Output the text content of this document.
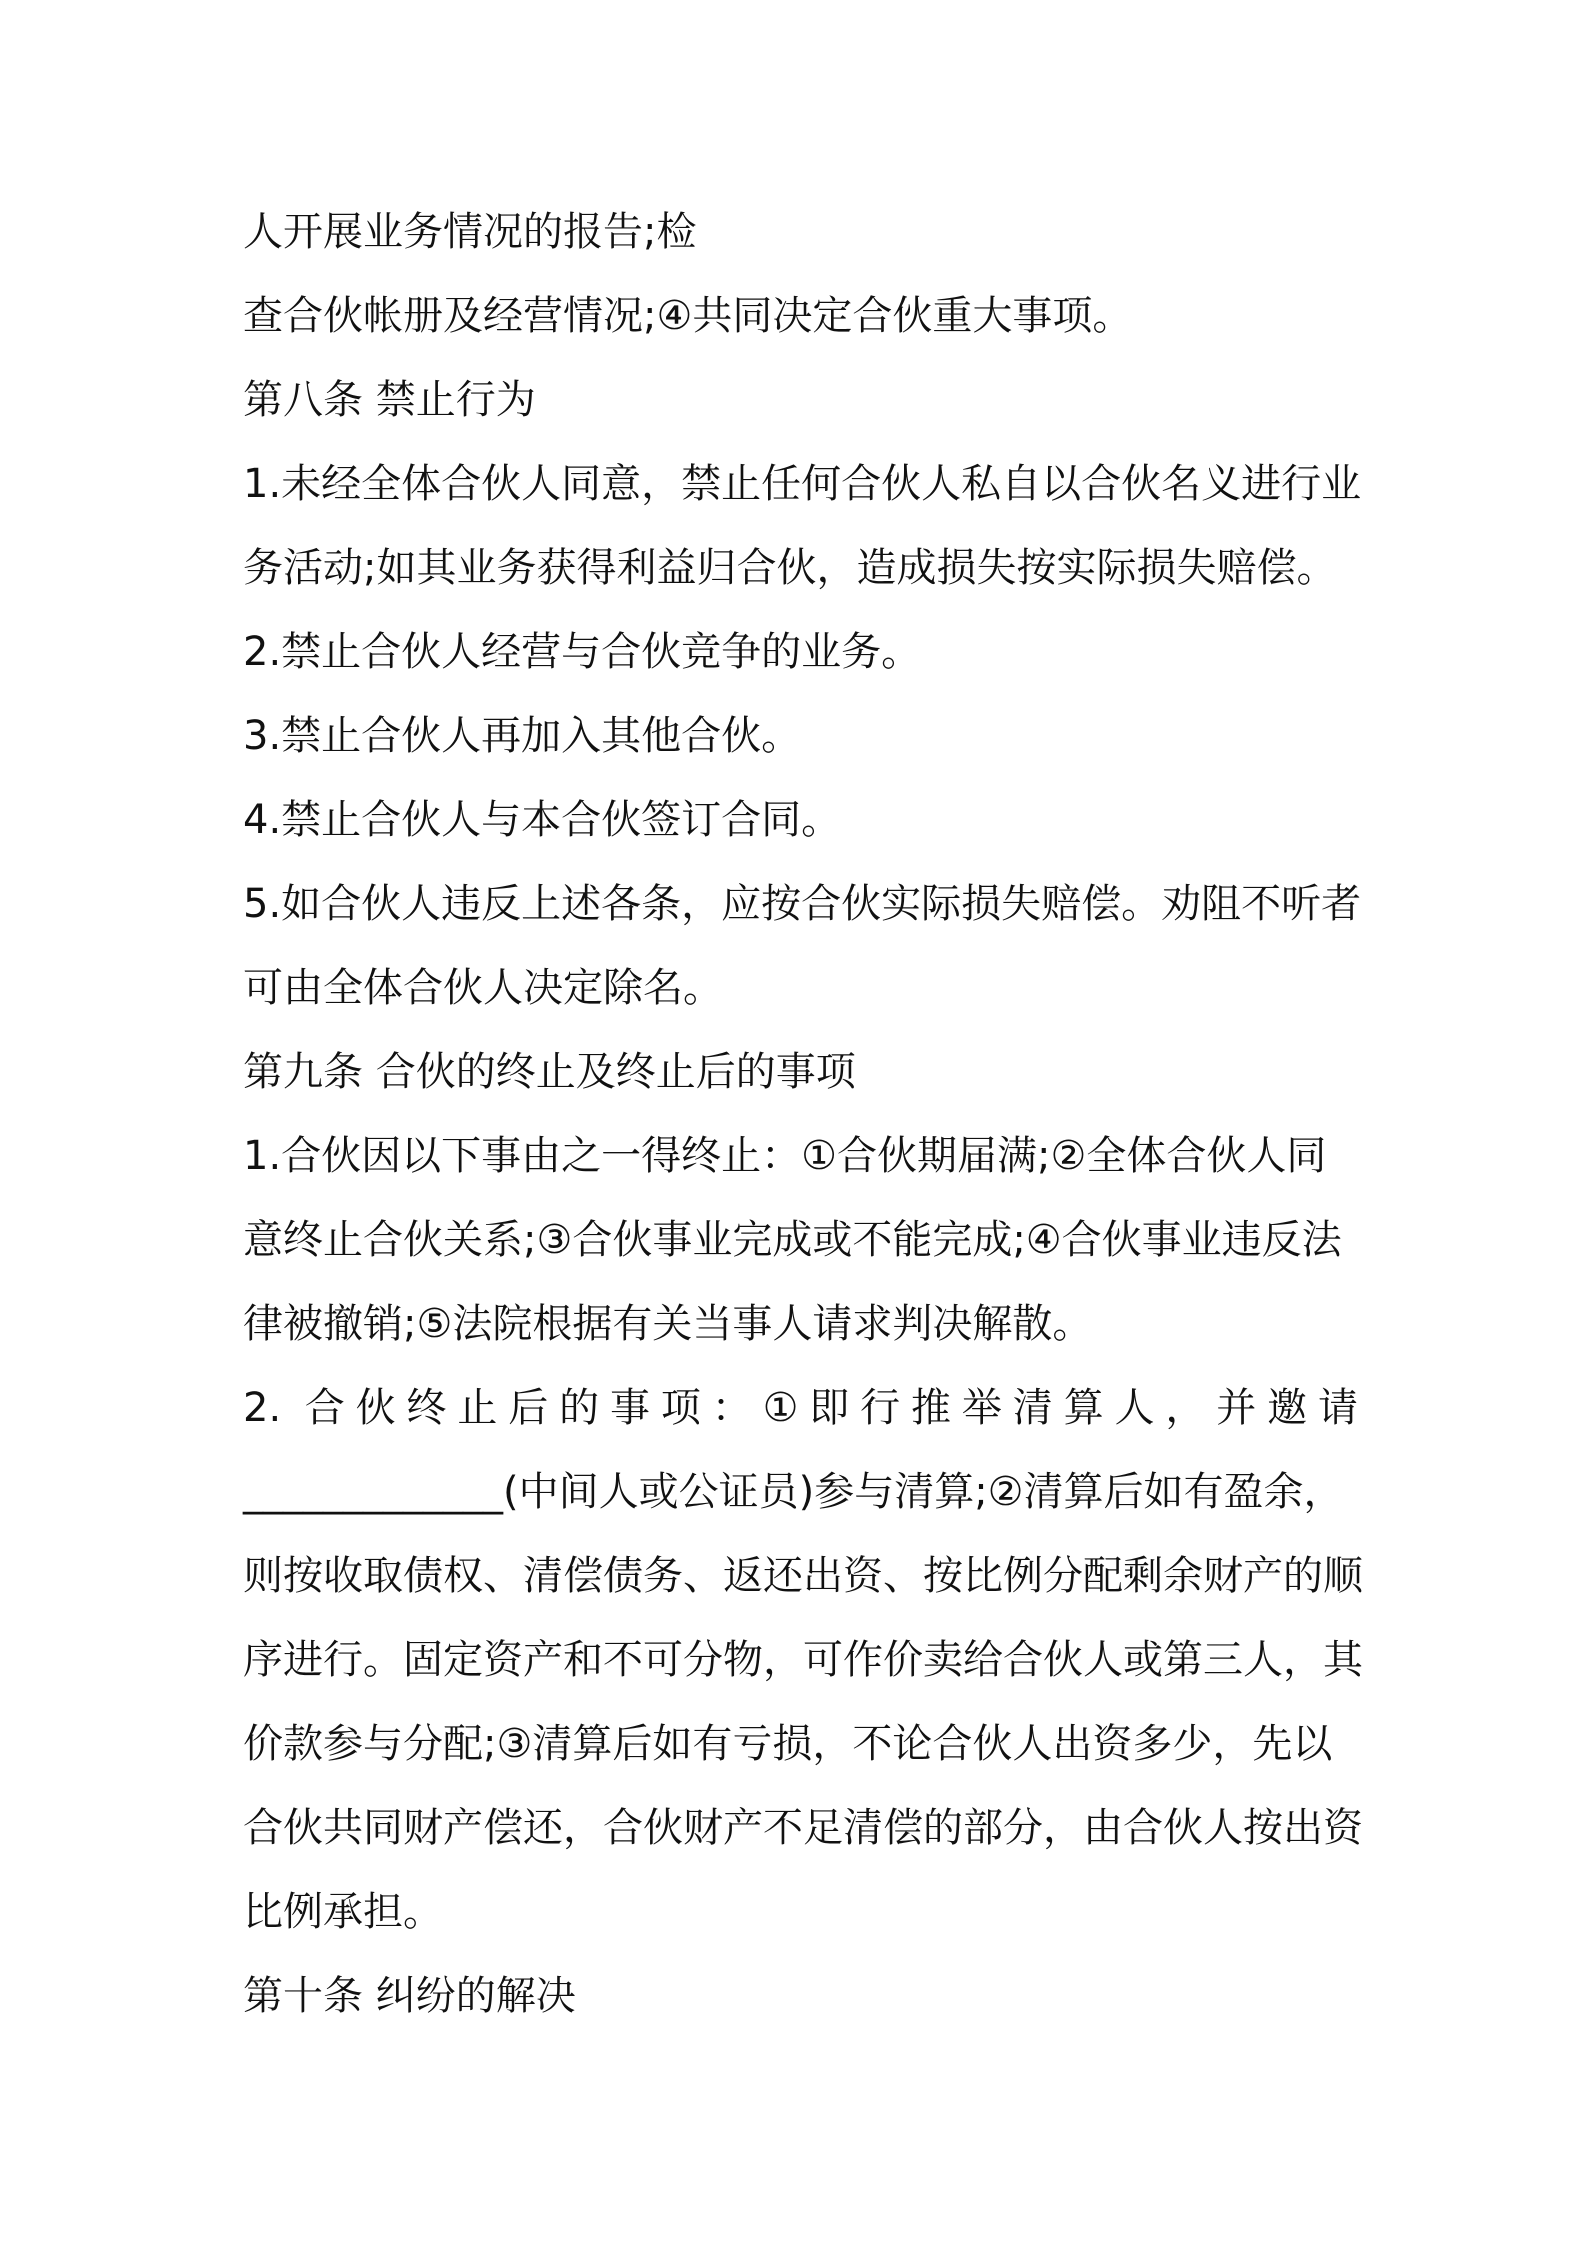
人开展业务情况的报告;检
查合伙帐册及经营情况;④共同决定合伙重大事项。
第八条 禁止行为
1.未经全体合伙人同意，禁止任何合伙人私自以合伙名义进行业
务活动;如其业务获得利益归合伙，造成损失按实际损失赔偿。
2.禁止合伙人经营与合伙竞争的业务。
3.禁止合伙人再加入其他合伙。
4.禁止合伙人与本合伙签订合同。
5.如合伙人违反上述各条，应按合伙实际损失赔偿。劝阻不听者
可由全体合伙人决定除名。
第九条 合伙的终止及终止后的事项
1.合伙因以下事由之一得终止：①合伙期届满;②全体合伙人同
意终止合伙关系;③合伙事业完成或不能完成;④合伙事业违反法
律被撤销;⑤法院根据有关当事人请求判决解散。
2. 合伙终止后的事项：①即行推举清算人，并邀请
_____________(中间人或公证员)参与清算;②清算后如有盈余，
则按收取债权、清偿债务、返还出资、按比例分配剩余财产的顺
序进行。固定资产和不可分物，可作价卖给合伙人或第三人，其
价款参与分配;③清算后如有亏损，不论合伙人出资多少，先以
合伙共同财产偿还，合伙财产不足清偿的部分，由合伙人按出资
比例承担。
第十条 纠纷的解决
